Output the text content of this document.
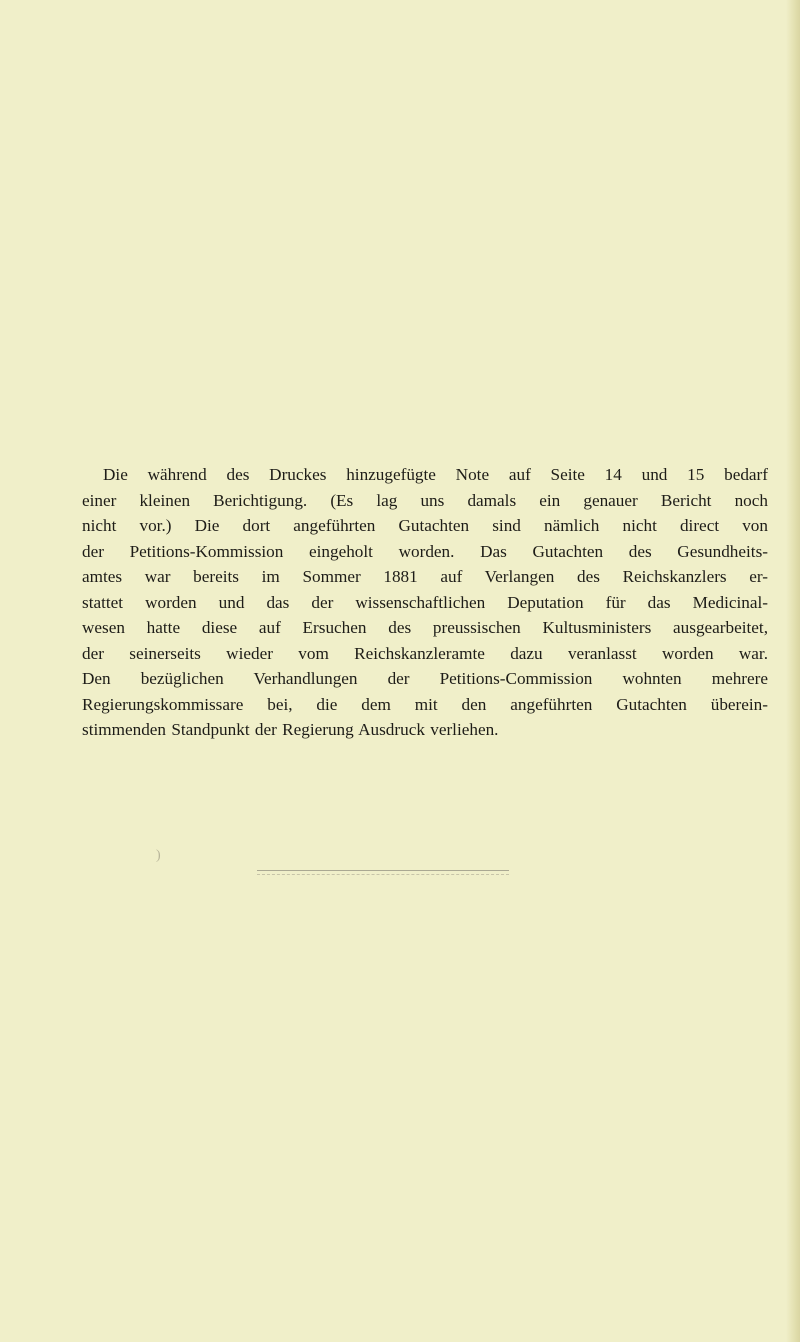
Die während des Druckes hinzugefügte Note auf Seite 14 und 15 bedarf
einer kleinen Berichtigung. (Es lag uns damals ein genauer Bericht noch
nicht vor.) Die dort angeführten Gutachten sind nämlich nicht direct von
der Petitions-Kommission eingeholt worden. Das Gutachten des Gesundheits-
amtes war bereits im Sommer 1881 auf Verlangen des Reichskanzlers er-
stattet worden und das der wissenschaftlichen Deputation für das Medicinal-
wesen hatte diese auf Ersuchen des preussischen Kultusministers ausgearbeitet,
der seinerseits wieder vom Reichskanzleramte dazu veranlasst worden war.
Den bezüglichen Verhandlungen der Petitions-Commission wohnten mehrere
Regierungskommissare bei, die dem mit den angeführten Gutachten überein-
stimmenden Standpunkt der Regierung Ausdruck verliehen.
)
